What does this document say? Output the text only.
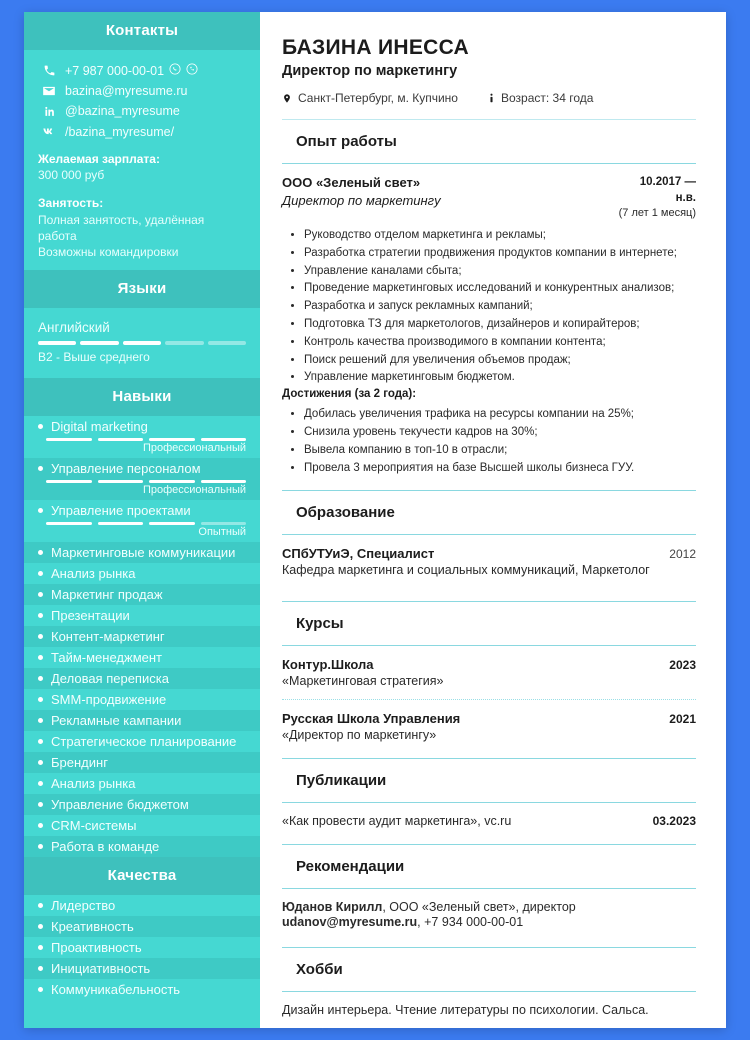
Контакты
+7 987 000-00-01
bazina@myresume.ru
@bazina_myresume
/bazina_myresume/
Желаемая зарплата:
300 000 руб
Занятость:
Полная занятость, удалённая работа
Возможны командировки
Языки
Английский
B2 - Выше среднего
Навыки
Digital marketing
Профессиональный
Управление персоналом
Профессиональный
Управление проектами
Опытный
Маркетинговые коммуникации
Анализ рынка
Маркетинг продаж
Презентации
Контент-маркетинг
Тайм-менеджмент
Деловая переписка
SMM-продвижение
Рекламные кампании
Стратегическое планирование
Брендинг
Анализ рынка
Управление бюджетом
CRM-системы
Работа в команде
Качества
Лидерство
Креативность
Проактивность
Инициативность
Коммуникабельность
БАЗИНА ИНЕССА
Директор по маркетингу
Санкт-Петербург, м. Купчино	Возраст: 34 года
Опыт работы
ООО «Зеленый свет»
Директор по маркетингу
10.2017 —
н.в.
(7 лет 1 месяц)
• Руководство отделом маркетинга и рекламы;
• Разработка стратегии продвижения продуктов компании в интернете;
• Управление каналами сбыта;
• Проведение маркетинговых исследований и конкурентных анализов;
• Разработка и запуск рекламных кампаний;
• Подготовка ТЗ для маркетологов, дизайнеров и копирайтеров;
• Контроль качества производимого в компании контента;
• Поиск решений для увеличения объемов продаж;
• Управление маркетинговым бюджетом.
Достижения (за 2 года):
• Добилась увеличения трафика на ресурсы компании на 25%;
• Снизила уровень текучести кадров на 30%;
• Вывела компанию в топ-10 в отрасли;
• Провела 3 мероприятия на базе Высшей школы бизнеса ГУУ.
Образование
СПбУТУиЭ, Специалист	2012
Кафедра маркетинга и социальных коммуникаций, Маркетолог
Курсы
Контур.Школа	2023
«Маркетинговая стратегия»
Русская Школа Управления	2021
«Директор по маркетингу»
Публикации
«Как провести аудит маркетинга», vc.ru	03.2023
Рекомендации
Юданов Кирилл, ООО «Зеленый свет», директор
udanov@myresume.ru, +7 934 000-00-01
Хобби
Дизайн интерьера. Чтение литературы по психологии. Сальса.
